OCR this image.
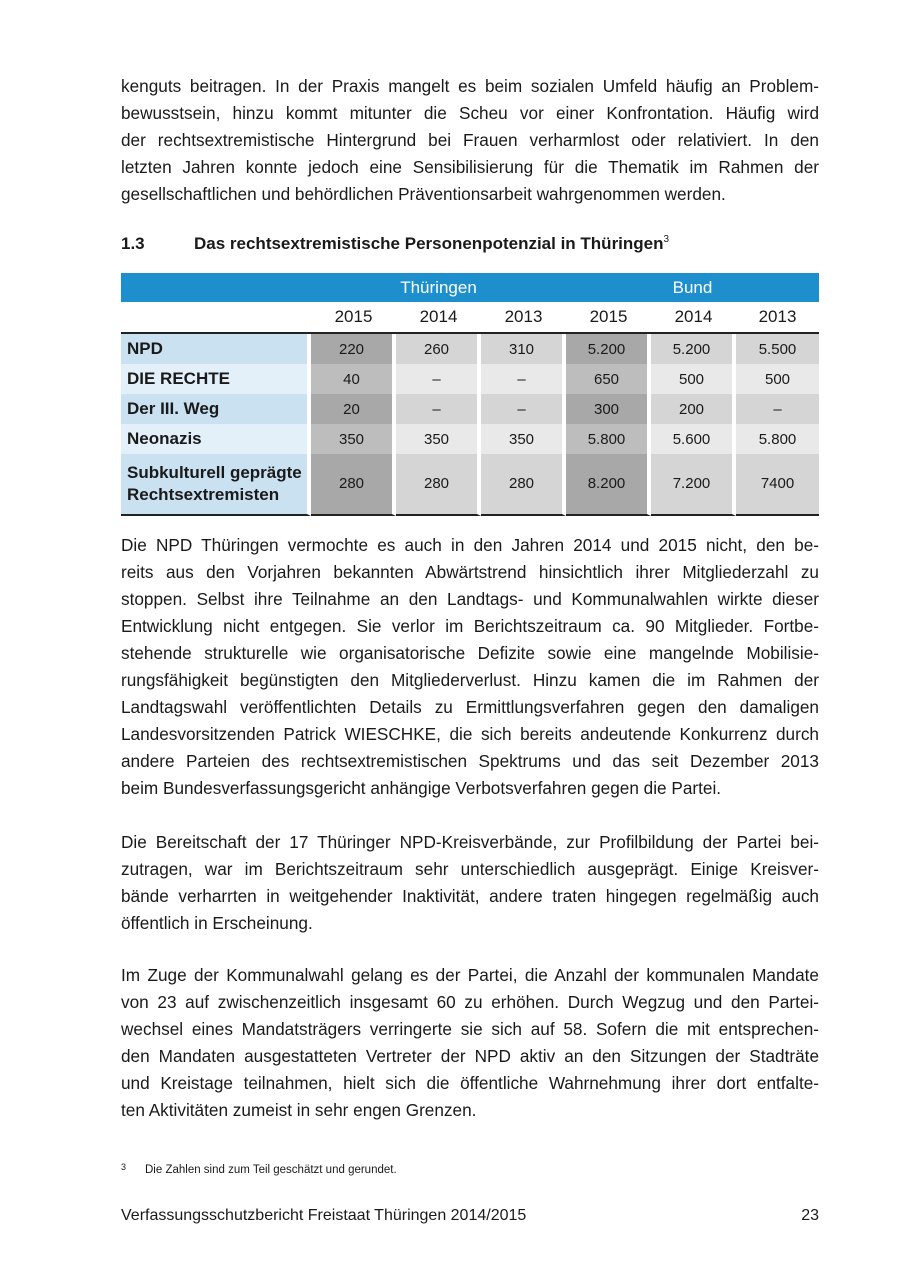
kenguts beitragen. In der Praxis mangelt es beim sozialen Umfeld häufig an Problem-
bewusstsein, hinzu kommt mitunter die Scheu vor einer Konfrontation. Häufig wird
der rechtsextremistische Hintergrund bei Frauen verharmlost oder relativiert. In den
letzten Jahren konnte jedoch eine Sensibilisierung für die Thematik im Rahmen der
gesellschaftlichen und behördlichen Präventionsarbeit wahrgenommen werden.
1.3	Das rechtsextremistische Personenpotenzial in Thüringen$^3$
	Thüringen			Bund		
	2015	2014	2013	2015	2014	2013
NPD	220	260	310	5.200	5.200	5.500
DIE RECHTE	40	–	–	650	500	500
Der III. Weg	20	–	–	300	200	–
Neonazis	350	350	350	5.800	5.600	5.800
Subkulturell geprägte
Rechtsextremisten	280	280	280	8.200	7.200	7400
Die NPD Thüringen vermochte es auch in den Jahren 2014 und 2015 nicht, den be-
reits aus den Vorjahren bekannten Abwärtstrend hinsichtlich ihrer Mitgliederzahl zu
stoppen. Selbst ihre Teilnahme an den Landtags- und Kommunalwahlen wirkte dieser
Entwicklung nicht entgegen. Sie verlor im Berichtszeitraum ca. 90 Mitglieder. Fortbe-
stehende strukturelle wie organisatorische Defizite sowie eine mangelnde Mobilisie-
rungsfähigkeit begünstigten den Mitgliederverlust. Hinzu kamen die im Rahmen der
Landtagswahl veröffentlichten Details zu Ermittlungsverfahren gegen den damaligen
Landesvorsitzenden Patrick WIESCHKE, die sich bereits andeutende Konkurrenz durch
andere Parteien des rechtsextremistischen Spektrums und das seit Dezember 2013
beim Bundesverfassungsgericht anhängige Verbotsverfahren gegen die Partei.
Die Bereitschaft der 17 Thüringer NPD-Kreisverbände, zur Profilbildung der Partei bei-
zutragen, war im Berichtszeitraum sehr unterschiedlich ausgeprägt. Einige Kreisver-
bände verharrten in weitgehender Inaktivität, andere traten hingegen regelmäßig auch
öffentlich in Erscheinung.
Im Zuge der Kommunalwahl gelang es der Partei, die Anzahl der kommunalen Mandate
von 23 auf zwischenzeitlich insgesamt 60 zu erhöhen. Durch Wegzug und den Partei-
wechsel eines Mandatsträgers verringerte sie sich auf 58. Sofern die mit entsprechen-
den Mandaten ausgestatteten Vertreter der NPD aktiv an den Sitzungen der Stadträte
und Kreistage teilnahmen, hielt sich die öffentliche Wahrnehmung ihrer dort entfalte-
ten Aktivitäten zumeist in sehr engen Grenzen.
3 Die Zahlen sind zum Teil geschätzt und gerundet.
Verfassungsschutzbericht Freistaat Thüringen 2014/2015	23
